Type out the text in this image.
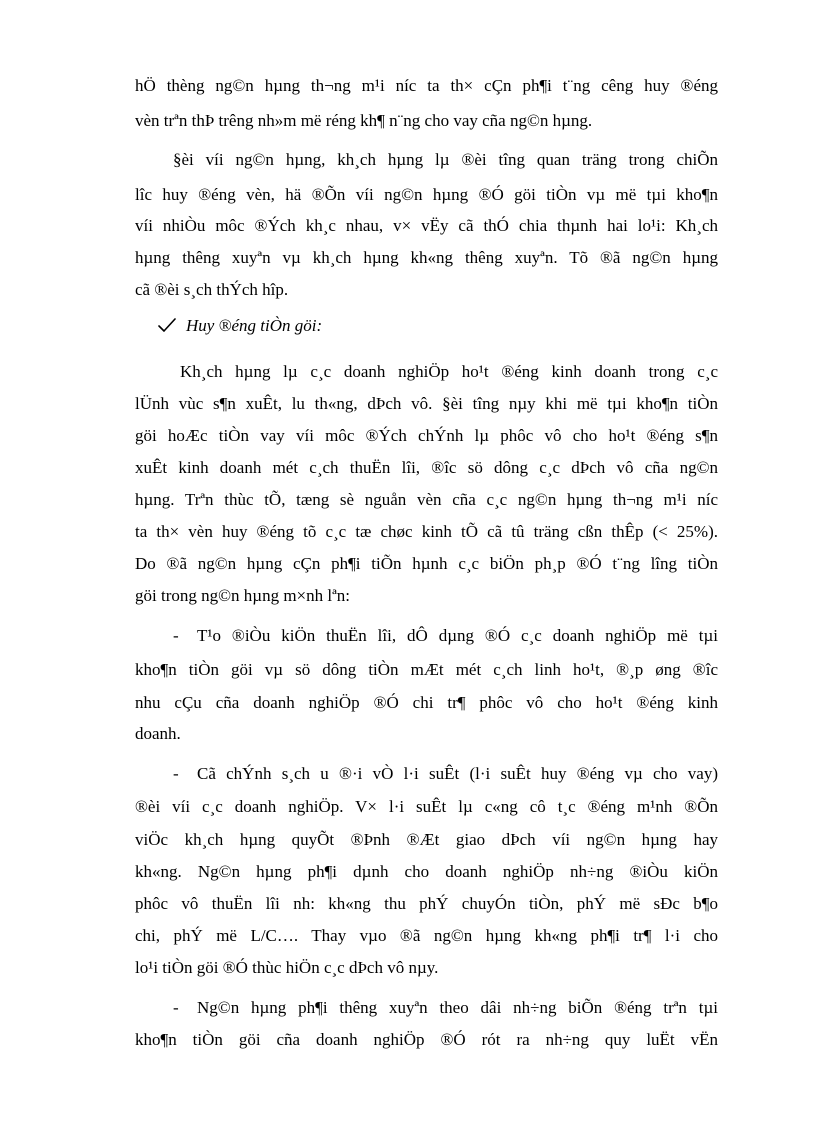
hÖ thèng ng©n hµng th¬ng m¹i níc ta th× cÇn ph¶i t¨ng cêng huy ®éng
vèn trªn thÞ trêng nh»m më réng kh¶ n¨ng cho vay cña ng©n hµng.
§èi víi ng©n hµng, kh¸ch hµng lµ ®èi tîng quan träng trong chiÕn
lîc huy ®éng vèn, hä ®Õn víi ng©n hµng ®Ó göi tiÒn vµ më tµi kho¶n
víi nhiÒu môc ®Ých kh¸c nhau, v× vËy cã thÓ chia thµnh hai lo¹i: Kh¸ch
hµng thêng xuyªn vµ kh¸ch hµng kh«ng thêng xuyªn. Tõ ®ã ng©n hµng
cã ®èi s¸ch thÝch hîp.
Huy ®éng tiÒn göi:
Kh¸ch hµng lµ c¸c doanh nghiÖp ho¹t ®éng kinh doanh trong c¸c
lÜnh vùc s¶n xuÊt, lu th«ng, dÞch vô. §èi tîng nµy khi më tµi kho¶n tiÒn
göi hoÆc tiÒn vay víi môc ®Ých chÝnh lµ phôc vô cho ho¹t ®éng s¶n
xuÊt kinh doanh mét c¸ch thuËn lîi, ®îc sö dông c¸c dÞch vô cña ng©n
hµng. Trªn thùc tÕ, tæng sè nguån vèn cña c¸c ng©n hµng th¬ng m¹i níc
ta th× vèn huy ®éng tõ c¸c tæ chøc kinh tÕ cã tû träng cßn thÊp (< 25%).
Do ®ã ng©n hµng cÇn ph¶i tiÕn hµnh c¸c biÖn ph¸p ®Ó t¨ng lîng tiÒn
göi trong ng©n hµng m×nh lªn:
- T¹o ®iÒu kiÖn thuËn lîi, dÔ dµng ®Ó c¸c doanh nghiÖp më tµi
kho¶n tiÒn göi vµ sö dông tiÒn mÆt mét c¸ch linh ho¹t, ®¸p øng ®îc
nhu cÇu cña doanh nghiÖp ®Ó chi tr¶ phôc vô cho ho¹t ®éng kinh
doanh.
- Cã chÝnh s¸ch u ®·i vÒ l·i suÊt (l·i suÊt huy ®éng vµ cho vay)
®èi víi c¸c doanh nghiÖp. V× l·i suÊt lµ c«ng cô t¸c ®éng m¹nh ®Õn
viÖc kh¸ch hµng quyÕt ®Þnh ®Æt giao dÞch víi ng©n hµng hay
kh«ng. Ng©n hµng ph¶i dµnh cho doanh nghiÖp nh÷ng ®iÒu kiÖn
phôc vô thuËn lîi nh: kh«ng thu phÝ chuyÓn tiÒn, phÝ më sÐc b¶o
chi, phÝ më L/C…. Thay vµo ®ã ng©n hµng kh«ng ph¶i tr¶ l·i cho
lo¹i tiÒn göi ®Ó thùc hiÖn c¸c dÞch vô nµy.
- Ng©n hµng ph¶i thêng xuyªn theo dâi nh÷ng biÕn ®éng trªn tµi
kho¶n tiÒn göi cña doanh nghiÖp ®Ó rót ra nh÷ng quy luËt vËn
